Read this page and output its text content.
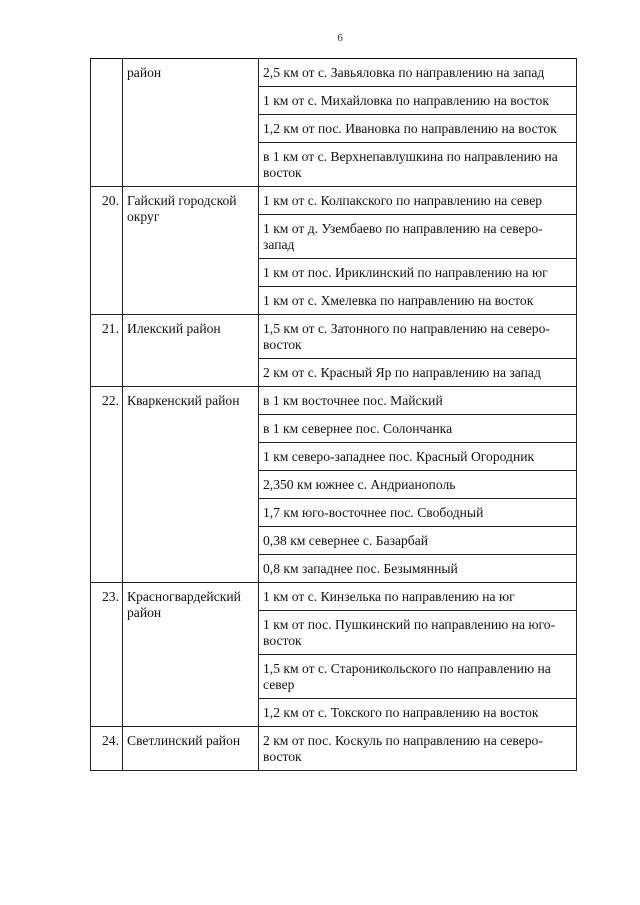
6
	район	2,5 км от с. Завьяловка по направлению на запад
		1 км от с. Михайловка по направлению на восток
		1,2 км от пос. Ивановка по направлению на восток
		в 1 км от с. Верхнепавлушкина по направлению на восток
20.	Гайский городской округ	1 км от с. Колпакского по направлению на север
		1 км от д. Узембаево по направлению на северо-запад
		1 км от пос. Ириклинский по направлению на юг
		1 км от с. Хмелевка по направлению на восток
21.	Илекский район	1,5 км от с. Затонного по направлению на северо-восток
		2 км от с. Красный Яр по направлению на запад
22.	Кваркенский район	в 1 км восточнее пос. Майский
		в 1 км севернее пос. Солончанка
		1 км северо-западнее пос. Красный Огородник
		2,350 км южнее с. Андрианополь
		1,7 км юго-восточнее пос. Свободный
		0,38 км севернее с. Базарбай
		0,8 км западнее пос. Безымянный
23.	Красногвардейский район	1 км от с. Кинзелька по направлению на юг
		1 км от пос. Пушкинский по направлению на юго-восток
		1,5 км от с. Староникольского по направлению на север
		1,2 км от с. Токского по направлению на восток
24.	Светлинский район	2 км от пос. Коскуль по направлению на северо-восток
